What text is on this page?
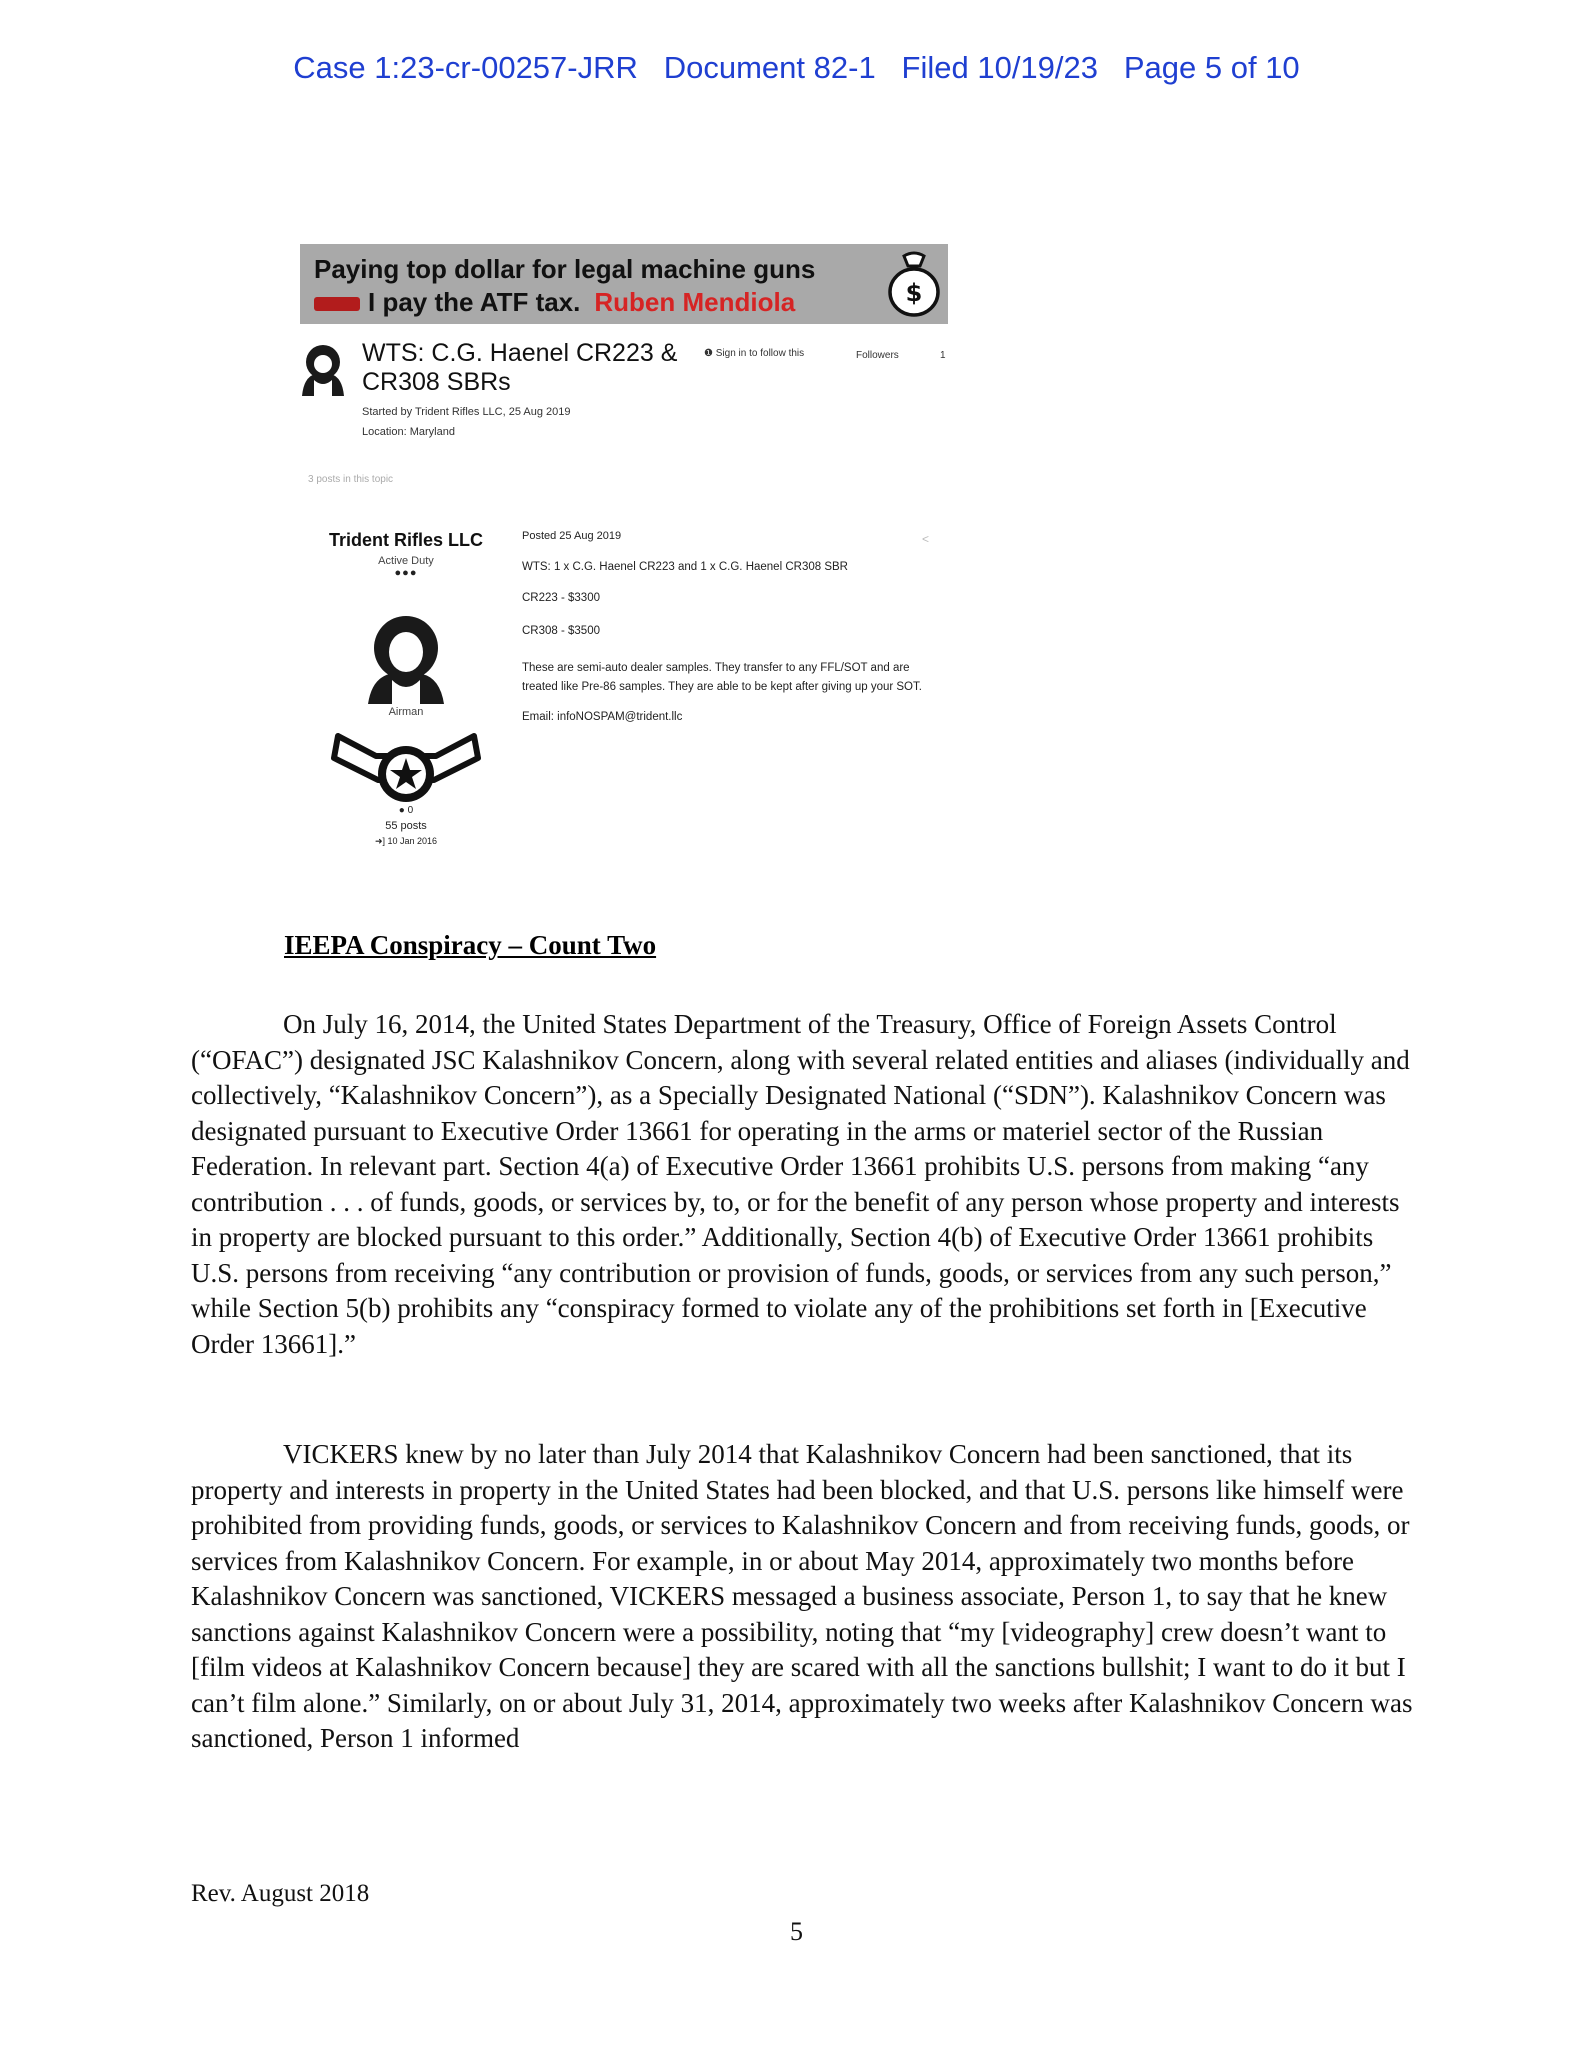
Case 1:23-cr-00257-JRR Document 82-1 Filed 10/19/23 Page 5 of 10
Paying top dollar for legal machine guns
I pay the ATF tax. Ruben Mendiola	$
WTS: C.G. Haenel CR223 & CR308 SBRs
❶ Sign in to follow this	Followers	1
Started by Trident Rifles LLC, 25 Aug 2019
Location: Maryland
3 posts in this topic
Trident Rifles LLC
Active Duty
●●●
Airman
● 0
55 posts
➜] 10 Jan 2016
<

Posted 25 Aug 2019

WTS: 1 x C.G. Haenel CR223 and 1 x C.G. Haenel CR308 SBR

CR223 - $3300

CR308 - $3500

These are semi-auto dealer samples. They transfer to any FFL/SOT and are treated like Pre-86 samples. They are able to be kept after giving up your SOT.

Email: infoNOSPAM@trident.llc

IEEPA Conspiracy – Count Two

On July 16, 2014, the United States Department of the Treasury, Office of Foreign Assets Control (“OFAC”) designated JSC Kalashnikov Concern, along with several related entities and aliases (individually and collectively, “Kalashnikov Concern”), as a Specially Designated National (“SDN”). Kalashnikov Concern was designated pursuant to Executive Order 13661 for operating in the arms or materiel sector of the Russian Federation. In relevant part. Section 4(a) of Executive Order 13661 prohibits U.S. persons from making “any contribution . . . of funds, goods, or services by, to, or for the benefit of any person whose property and interests in property are blocked pursuant to this order.” Additionally, Section 4(b) of Executive Order 13661 prohibits U.S. persons from receiving “any contribution or provision of funds, goods, or services from any such person,” while Section 5(b) prohibits any “conspiracy formed to violate any of the prohibitions set forth in [Executive Order 13661].”

VICKERS knew by no later than July 2014 that Kalashnikov Concern had been sanctioned, that its property and interests in property in the United States had been blocked, and that U.S. persons like himself were prohibited from providing funds, goods, or services to Kalashnikov Concern and from receiving funds, goods, or services from Kalashnikov Concern. For example, in or about May 2014, approximately two months before Kalashnikov Concern was sanctioned, VICKERS messaged a business associate, Person 1, to say that he knew sanctions against Kalashnikov Concern were a possibility, noting that “my [videography] crew doesn’t want to [film videos at Kalashnikov Concern because] they are scared with all the sanctions bullshit; I want to do it but I can’t film alone.” Similarly, on or about July 31, 2014, approximately two weeks after Kalashnikov Concern was sanctioned, Person 1 informed

Rev. August 2018
5
